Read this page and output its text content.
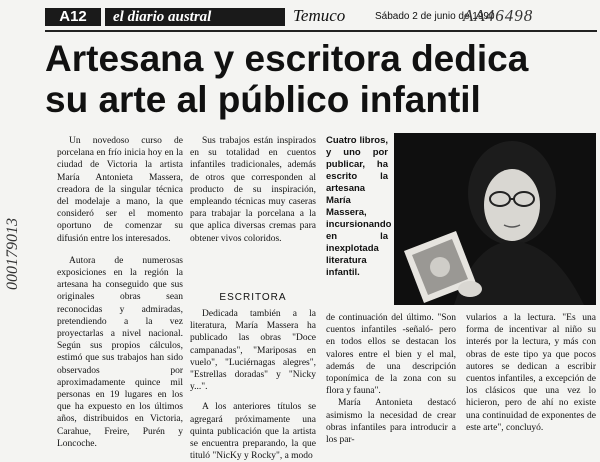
A12	el diario austral	Temuco	Sábado 2 de junio de 1990
AA46498
000179013
Artesana y escritora dedica
su arte al público infantil

Un novedoso curso de porcelana en frío inicia hoy en la ciudad de Victoria la artista María Antonieta Massera, creadora de la singular técnica del modelaje a mano, la que consideró ser el momento oportuno de comenzar su difusión entre los interesados.

Autora de numerosas exposiciones en la región la artesana ha conseguido que sus originales obras sean reconocidas y admiradas, pretendiendo a la vez proyectarlas a nivel nacional. Según sus propios cálculos, estimó que sus trabajos han sido observados por aproximadamente quince mil personas en 19 lugares en los que ha expuesto en los últimos años, distribuidos en Victoria, Carahue, Freire, Purén y Loncoche.

Sus trabajos están inspirados en su totalidad en cuentos infantiles tradicionales, además de otros que corresponden al producto de su inspiración, empleando técnicas muy caseras para trabajar la porcelana a la que aplica diversas cremas para obtener vivos coloridos.

ESCRITORA

Dedicada también a la literatura, María Massera ha publicado las obras "Doce campanadas", "Mariposas en vuelo", "Luciérnagas alegres", "Estrellas doradas" y "Nicky y...".

A los anteriores títulos se agregará próximamente una quinta publicación que la artista se encuentra preparando, la que tituló "NicKy y Rocky", a modo

Cuatro libros, y uno por publicar, ha escrito la artesana María Massera, incursionando en la inexplotada literatura infantil.

de continuación del último. "Son cuentos infantiles -señaló- pero en todos ellos se destacan los valores entre el bien y el mal, además de una descripción toponímica de la zona con su flora y fauna".

María Antonieta destacó asimismo la necesidad de crear obras infantiles para introducir a los par-

vularios a la lectura. "Es una forma de incentivar al niño su interés por la lectura, y más con obras de este tipo ya que pocos autores se dedican a escribir cuentos infantiles, a excepción de los clásicos que una vez lo hicieron, pero de ahí no existe una continuidad de exponentes de este arte", concluyó.
